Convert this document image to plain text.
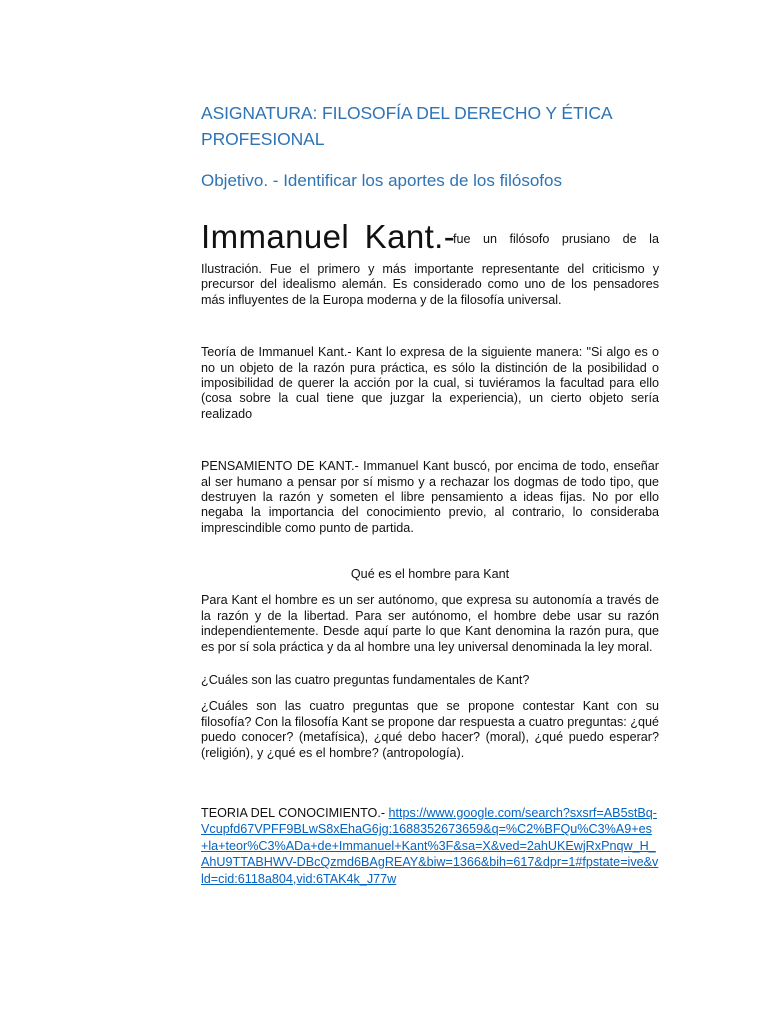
ASIGNATURA: FILOSOFÍA DEL DERECHO Y ÉTICA PROFESIONAL
Objetivo. - Identificar los aportes de los filósofos
Immanuel Kant.-
fue un filósofo prusiano de la

Ilustración. Fue el primero y más importante representante del criticismo y precursor del idealismo alemán. Es considerado como uno de los pensadores más influyentes de la Europa moderna y de la filosofía universal.

Teoría de Immanuel Kant.- Kant lo expresa de la siguiente manera: "Si algo es o no un objeto de la razón pura práctica, es sólo la distinción de la posibilidad o imposibilidad de querer la acción por la cual, si tuviéramos la facultad para ello (cosa sobre la cual tiene que juzgar la experiencia), un cierto objeto sería realizado

PENSAMIENTO DE KANT.- Immanuel Kant buscó, por encima de todo, enseñar al ser humano a pensar por sí mismo y a rechazar los dogmas de todo tipo, que destruyen la razón y someten el libre pensamiento a ideas fijas. No por ello negaba la importancia del conocimiento previo, al contrario, lo consideraba imprescindible como punto de partida.

Qué es el hombre para Kant

Para Kant el hombre es un ser autónomo, que expresa su autonomía a través de la razón y de la libertad. Para ser autónomo, el hombre debe usar su razón independientemente. Desde aquí parte lo que Kant denomina la razón pura, que es por sí sola práctica y da al hombre una ley universal denominada la ley moral.

¿Cuáles son las cuatro preguntas fundamentales de Kant?

¿Cuáles son las cuatro preguntas que se propone contestar Kant con su filosofía? Con la filosofía Kant se propone dar respuesta a cuatro preguntas: ¿qué puedo conocer? (metafísica), ¿qué debo hacer? (moral), ¿qué puedo esperar? (religión), y ¿qué es el hombre? (antropología).

TEORIA DEL CONOCIMIENTO.- https://www.google.com/search?sxsrf=AB5stBq-Vcupfd67VPFF9BLwS8xEhaG6jg:1688352673659&q=%C2%BFQu%C3%A9+es+la+teor%C3%ADa+de+Immanuel+Kant%3F&sa=X&ved=2ahUKEwjRxPnqw_H_AhU9TTABHWV-DBcQzmd6BAgREAY&biw=1366&bih=617&dpr=1#fpstate=ive&vld=cid:6118a804,vid:6TAK4k_J77w
